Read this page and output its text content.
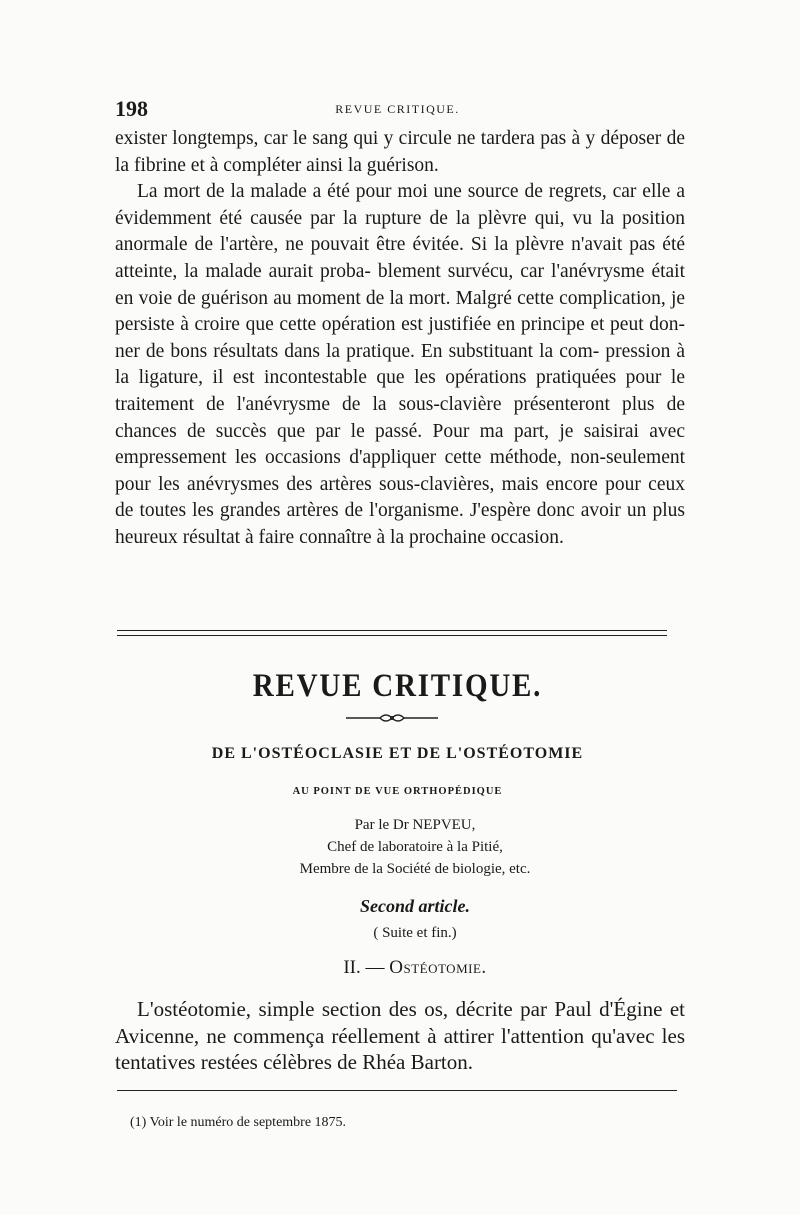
198	REVUE CRITIQUE.

exister longtemps, car le sang qui y circule ne tardera pas à y déposer de la fibrine et à compléter ainsi la guérison.

La mort de la malade a été pour moi une source de regrets, car elle a évidemment été causée par la rupture de la plèvre qui, vu la position anormale de l'artère, ne pouvait être évitée. Si la plèvre n'avait pas été atteinte, la malade aurait proba- blement survécu, car l'anévrysme était en voie de guérison au moment de la mort. Malgré cette complication, je persiste à croire que cette opération est justifiée en principe et peut don- ner de bons résultats dans la pratique. En substituant la com- pression à la ligature, il est incontestable que les opérations pratiquées pour le traitement de l'anévrysme de la sous-clavière présenteront plus de chances de succès que par le passé. Pour ma part, je saisirai avec empressement les occasions d'appliquer cette méthode, non-seulement pour les anévrysmes des artères sous-clavières, mais encore pour ceux de toutes les grandes artères de l'organisme. J'espère donc avoir un plus heureux résultat à faire connaître à la prochaine occasion.

REVUE CRITIQUE.
DE L'OSTÉOCLASIE ET DE L'OSTÉOTOMIE
AU POINT DE VUE ORTHOPÉDIQUE
Par le Dr NEPVEU,
Chef de laboratoire à la Pitié,
Membre de la Société de biologie, etc.
Second article.
( Suite et fin.)
II. — Ostéotomie.

L'ostéotomie, simple section des os, décrite par Paul d'Égine et Avicenne, ne commença réellement à attirer l'attention qu'avec les tentatives restées célèbres de Rhéa Barton.

(1) Voir le numéro de septembre 1875.
